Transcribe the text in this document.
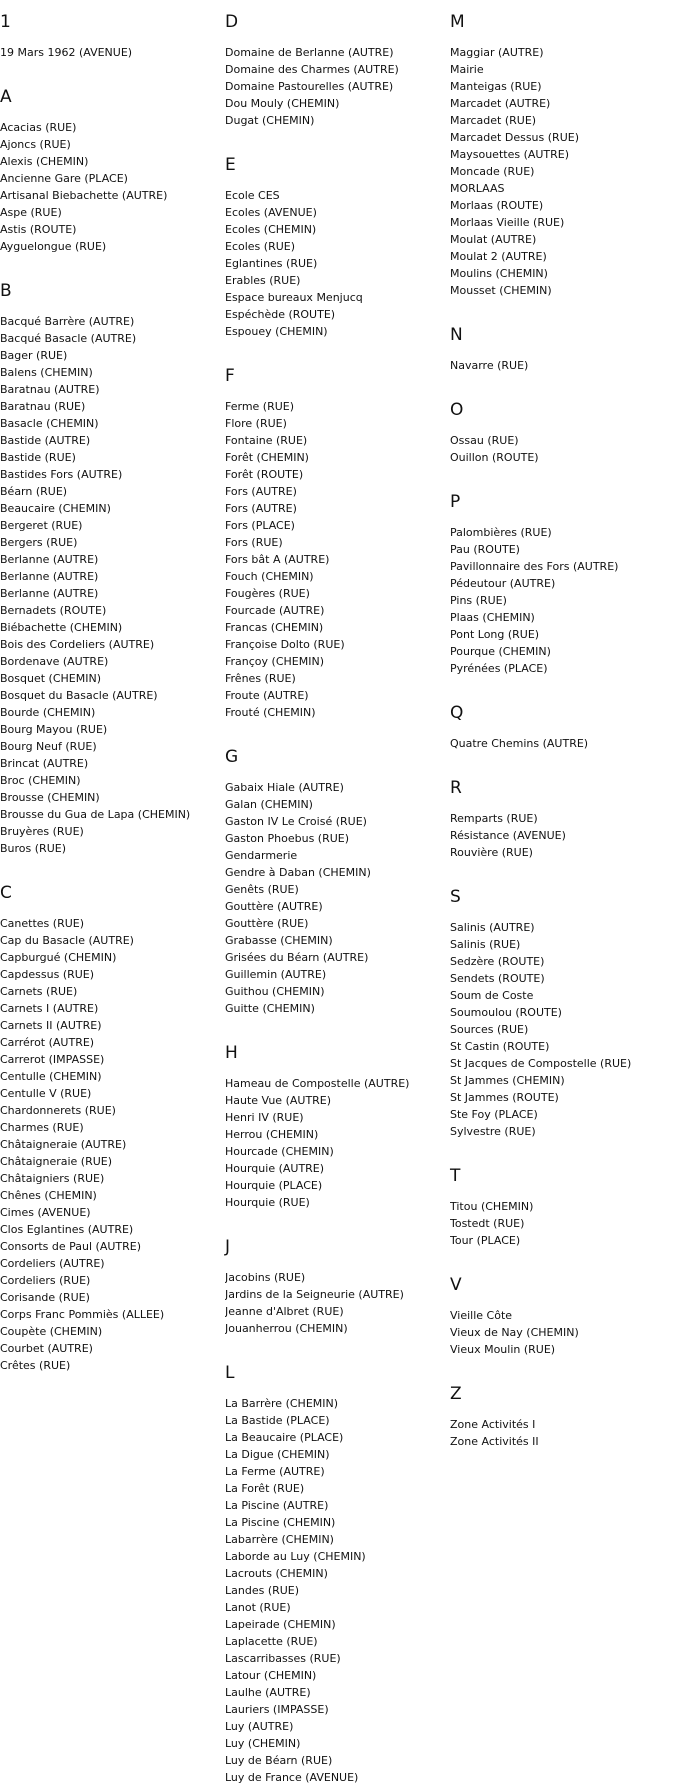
1
19 Mars 1962 (AVENUE)
A
Acacias (RUE)
Ajoncs (RUE)
Alexis (CHEMIN)
Ancienne Gare (PLACE)
Artisanal Biebachette (AUTRE)
Aspe (RUE)
Astis (ROUTE)
Ayguelongue (RUE)
B
Bacqué Barrère (AUTRE)
Bacqué Basacle (AUTRE)
Bager (RUE)
Balens (CHEMIN)
Baratnau (AUTRE)
Baratnau (RUE)
Basacle (CHEMIN)
Bastide (AUTRE)
Bastide (RUE)
Bastides Fors (AUTRE)
Béarn (RUE)
Beaucaire (CHEMIN)
Bergeret (RUE)
Bergers (RUE)
Berlanne (AUTRE)
Berlanne (AUTRE)
Berlanne (AUTRE)
Bernadets (ROUTE)
Biébachette (CHEMIN)
Bois des Cordeliers (AUTRE)
Bordenave (AUTRE)
Bosquet (CHEMIN)
Bosquet du Basacle (AUTRE)
Bourde (CHEMIN)
Bourg Mayou (RUE)
Bourg Neuf (RUE)
Brincat (AUTRE)
Broc (CHEMIN)
Brousse (CHEMIN)
Brousse du Gua de Lapa (CHEMIN)
Bruyères (RUE)
Buros (RUE)
C
Canettes (RUE)
Cap du Basacle (AUTRE)
Capburgué (CHEMIN)
Capdessus (RUE)
Carnets (RUE)
Carnets I (AUTRE)
Carnets II (AUTRE)
Carrérot (AUTRE)
Carrerot (IMPASSE)
Centulle (CHEMIN)
Centulle V (RUE)
Chardonnerets (RUE)
Charmes (RUE)
Châtaigneraie (AUTRE)
Châtaigneraie (RUE)
Châtaigniers (RUE)
Chênes (CHEMIN)
Cimes (AVENUE)
Clos Eglantines (AUTRE)
Consorts de Paul (AUTRE)
Cordeliers (AUTRE)
Cordeliers (RUE)
Corisande (RUE)
Corps Franc Pommiès (ALLEE)
Coupète (CHEMIN)
Courbet (AUTRE)
Crêtes (RUE)
D
Domaine de Berlanne (AUTRE)
Domaine des Charmes (AUTRE)
Domaine Pastourelles (AUTRE)
Dou Mouly (CHEMIN)
Dugat (CHEMIN)
E
Ecole CES
Ecoles (AVENUE)
Ecoles (CHEMIN)
Ecoles (RUE)
Eglantines (RUE)
Erables (RUE)
Espace bureaux Menjucq
Espéchède (ROUTE)
Espouey (CHEMIN)
F
Ferme (RUE)
Flore (RUE)
Fontaine (RUE)
Forêt (CHEMIN)
Forêt (ROUTE)
Fors (AUTRE)
Fors (AUTRE)
Fors (PLACE)
Fors (RUE)
Fors bât A (AUTRE)
Fouch (CHEMIN)
Fougères (RUE)
Fourcade (AUTRE)
Francas (CHEMIN)
Françoise Dolto (RUE)
Françoy (CHEMIN)
Frênes (RUE)
Froute (AUTRE)
Frouté (CHEMIN)
G
Gabaix Hiale (AUTRE)
Galan (CHEMIN)
Gaston IV Le Croisé (RUE)
Gaston Phoebus (RUE)
Gendarmerie
Gendre à Daban (CHEMIN)
Genêts (RUE)
Gouttère (AUTRE)
Gouttère (RUE)
Grabasse (CHEMIN)
Grisées du Béarn (AUTRE)
Guillemin (AUTRE)
Guithou (CHEMIN)
Guitte (CHEMIN)
H
Hameau de Compostelle (AUTRE)
Haute Vue (AUTRE)
Henri IV (RUE)
Herrou (CHEMIN)
Hourcade (CHEMIN)
Hourquie (AUTRE)
Hourquie (PLACE)
Hourquie (RUE)
J
Jacobins (RUE)
Jardins de la Seigneurie (AUTRE)
Jeanne d'Albret (RUE)
Jouanherrou (CHEMIN)
L
La Barrère (CHEMIN)
La Bastide (PLACE)
La Beaucaire (PLACE)
La Digue (CHEMIN)
La Ferme (AUTRE)
La Forêt (RUE)
La Piscine (AUTRE)
La Piscine (CHEMIN)
Labarrère (CHEMIN)
Laborde au Luy (CHEMIN)
Lacrouts (CHEMIN)
Landes (RUE)
Lanot (RUE)
Lapeirade (CHEMIN)
Laplacette (RUE)
Lascarribasses (RUE)
Latour (CHEMIN)
Laulhe (AUTRE)
Lauriers (IMPASSE)
Luy (AUTRE)
Luy (CHEMIN)
Luy de Béarn (RUE)
Luy de France (AVENUE)
M
Maggiar (AUTRE)
Mairie
Manteigas (RUE)
Marcadet (AUTRE)
Marcadet (RUE)
Marcadet Dessus (RUE)
Maysouettes (AUTRE)
Moncade (RUE)
MORLAAS
Morlaas (ROUTE)
Morlaas Vieille (RUE)
Moulat (AUTRE)
Moulat 2 (AUTRE)
Moulins (CHEMIN)
Mousset (CHEMIN)
N
Navarre (RUE)
O
Ossau (RUE)
Ouillon (ROUTE)
P
Palombières (RUE)
Pau (ROUTE)
Pavillonnaire des Fors (AUTRE)
Pédeutour (AUTRE)
Pins (RUE)
Plaas (CHEMIN)
Pont Long (RUE)
Pourque (CHEMIN)
Pyrénées (PLACE)
Q
Quatre Chemins (AUTRE)
R
Remparts (RUE)
Résistance (AVENUE)
Rouvière (RUE)
S
Salinis (AUTRE)
Salinis (RUE)
Sedzère (ROUTE)
Sendets (ROUTE)
Soum de Coste
Soumoulou (ROUTE)
Sources (RUE)
St Castin (ROUTE)
St Jacques de Compostelle (RUE)
St Jammes (CHEMIN)
St Jammes (ROUTE)
Ste Foy (PLACE)
Sylvestre (RUE)
T
Titou (CHEMIN)
Tostedt (RUE)
Tour (PLACE)
V
Vieille Côte
Vieux de Nay (CHEMIN)
Vieux Moulin (RUE)
Z
Zone Activités I
Zone Activités II
